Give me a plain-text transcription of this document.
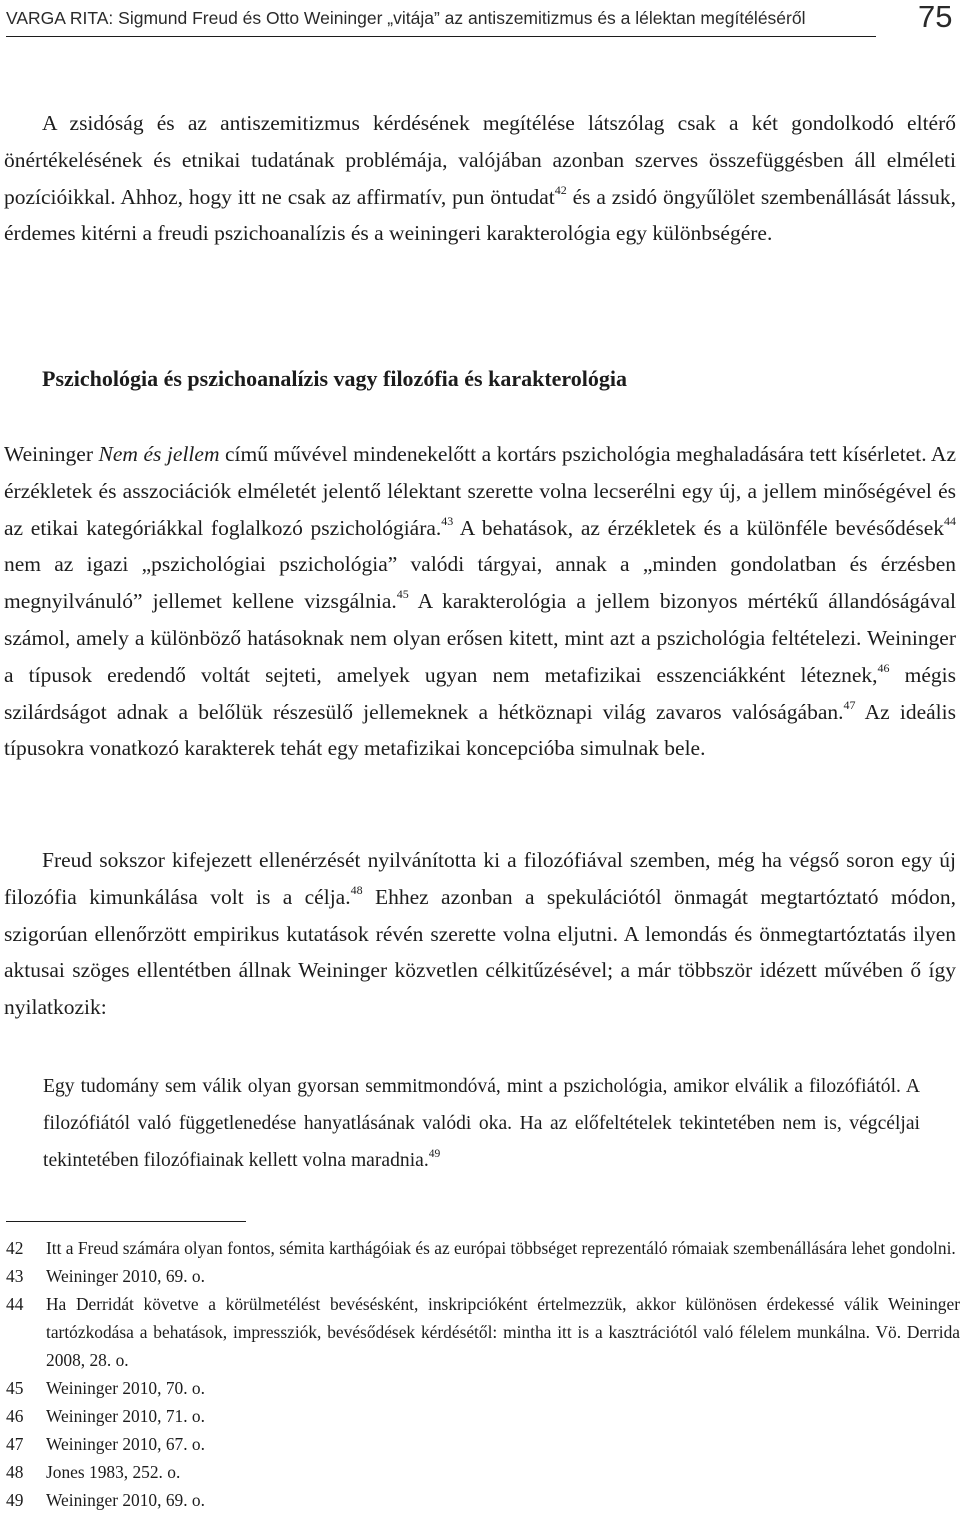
VARGA RITA: Sigmund Freud és Otto Weininger „vitája” az antiszemitizmus és a lélektan megítéléséről	75

A zsidóság és az antiszemitizmus kérdésének megítélése látszólag csak a két gondolkodó eltérő önértékelésének és etnikai tudatának problémája, valójában azonban szerves összefüggésben áll elméleti pozícióikkal. Ahhoz, hogy itt ne csak az affirmatív, pun öntudat$^{42}$ és a zsidó öngyűlölet szembenállását lássuk, érdemes kitérni a freudi pszichoanalízis és a weiningeri karakterológia egy különbségére.

Pszichológia és pszichoanalízis vagy filozófia és karakterológia

Weininger Nem és jellem című művével mindenekelőtt a kortárs pszichológia meghaladására tett kísérletet. Az érzékletek és asszociációk elméletét jelentő lélektant szerette volna lecserélni egy új, a jellem minőségével és az etikai kategóriákkal foglalkozó pszichológiára.$^{43}$ A behatások, az érzékletek és a különféle bevésődések$^{44}$ nem az igazi „pszichológiai pszichológia” valódi tárgyai, annak a „minden gondolatban és érzésben megnyilvánuló” jellemet kellene vizsgálnia.$^{45}$ A karakterológia a jellem bizonyos mértékű állandóságával számol, amely a különböző hatásoknak nem olyan erősen kitett, mint azt a pszichológia feltételezi. Weininger a típusok eredendő voltát sejteti, amelyek ugyan nem metafizikai esszenciákként léteznek,$^{46}$ mégis szilárdságot adnak a belőlük részesülő jellemeknek a hétköznapi világ zavaros valóságában.$^{47}$ Az ideális típusokra vonatkozó karakterek tehát egy metafizikai koncepcióba simulnak bele.

Freud sokszor kifejezett ellenérzését nyilvánította ki a filozófiával szemben, még ha végső soron egy új filozófia kimunkálása volt is a célja.$^{48}$ Ehhez azonban a spekulációtól önmagát megtartóztató módon, szigorúan ellenőrzött empirikus kutatások révén szerette volna eljutni. A lemondás és önmegtartóztatás ilyen aktusai szöges ellentétben állnak Weininger közvetlen célkitűzésével; a már többször idézett művében ő így nyilatkozik:

Egy tudomány sem válik olyan gyorsan semmitmondóvá, mint a pszichológia, amikor elválik a filozófiától. A filozófiától való függetlenedése hanyatlásának valódi oka. Ha az előfeltételek tekintetében nem is, végcéljai tekintetében filozófiainak kellett volna maradnia.$^{49}$

42	Itt a Freud számára olyan fontos, sémita karthágóiak és az európai többséget reprezentáló rómaiak szembenállására lehet gondolni.
43	Weininger 2010, 69. o.
44	Ha Derridát követve a körülmetélést bevésésként, inskripcióként értelmezzük, akkor különösen érdekessé válik Weininger tartózkodása a behatások, impressziók, bevésődések kérdésétől: mintha itt is a kasztrációtól való félelem munkálna. Vö. Derrida 2008, 28. o.
45	Weininger 2010, 70. o.
46	Weininger 2010, 71. o.
47	Weininger 2010, 67. o.
48	Jones 1983, 252. o.
49	Weininger 2010, 69. o.
